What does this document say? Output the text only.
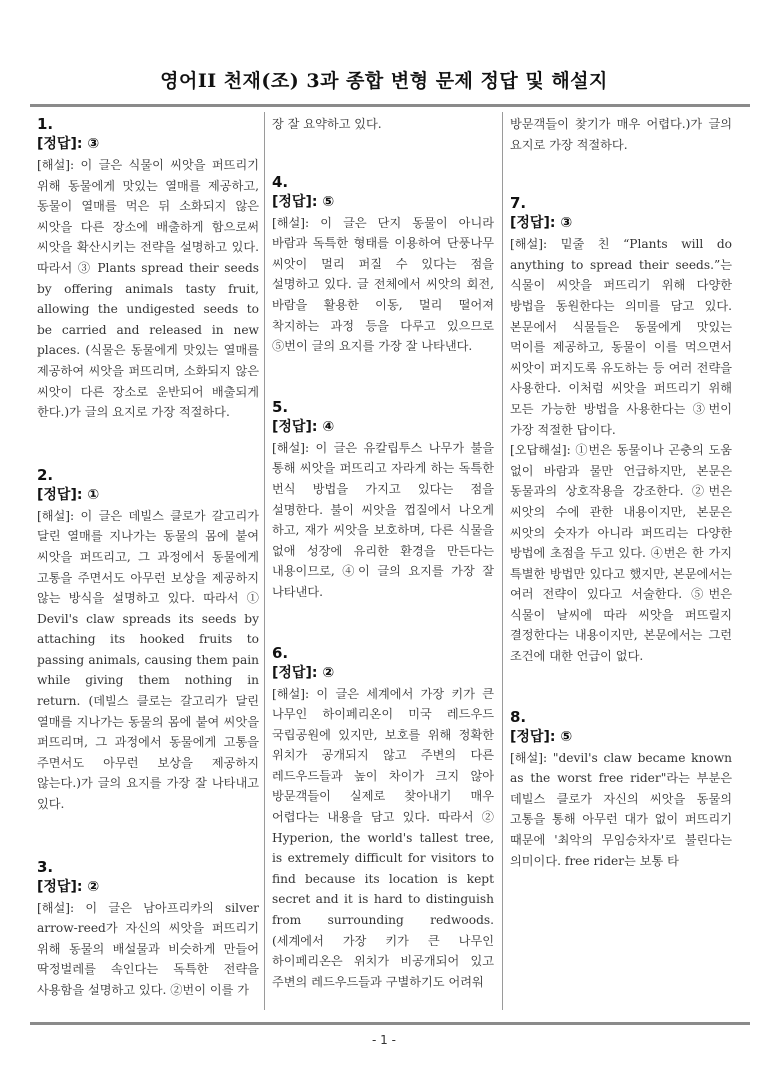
영어II 천재(조) 3과 종합 변형 문제 정답 및 해설지
1.
[정답]: ③

[해설]: 이 글은 식물이 씨앗을 퍼뜨리기 위해 동물에게 맛있는 열매를 제공하고, 동물이 열매를 먹은 뒤 소화되지 않은 씨앗을 다른 장소에 배출하게 함으로써 씨앗을 확산시키는 전략을 설명하고 있다. 따라서 ③ Plants spread their seeds by offering animals tasty fruit, allowing the undigested seeds to be carried and released in new places. (식물은 동물에게 맛있는 열매를 제공하여 씨앗을 퍼뜨리며, 소화되지 않은 씨앗이 다른 장소로 운반되어 배출되게 한다.)가 글의 요지로 가장 적절하다.

2.
[정답]: ①

[해설]: 이 글은 데빌스 클로가 갈고리가 달린 열매를 지나가는 동물의 몸에 붙여 씨앗을 퍼뜨리고, 그 과정에서 동물에게 고통을 주면서도 아무런 보상을 제공하지 않는 방식을 설명하고 있다. 따라서 ① Devil's claw spreads its seeds by attaching its hooked fruits to passing animals, causing them pain while giving them nothing in return. (데빌스 클로는 갈고리가 달린 열매를 지나가는 동물의 몸에 붙여 씨앗을 퍼뜨리며, 그 과정에서 동물에게 고통을 주면서도 아무런 보상을 제공하지 않는다.)가 글의 요지를 가장 잘 나타내고 있다.

3.
[정답]: ②

[해설]: 이 글은 남아프리카의 silver arrow-reed가 자신의 씨앗을 퍼뜨리기 위해 동물의 배설물과 비슷하게 만들어 딱정벌레를 속인다는 독특한 전략을 사용함을 설명하고 있다. ②번이 이를 가

장 잘 요약하고 있다.

4.
[정답]: ⑤

[해설]: 이 글은 단지 동물이 아니라 바람과 독특한 형태를 이용하여 단풍나무 씨앗이 멀리 퍼질 수 있다는 점을 설명하고 있다. 글 전체에서 씨앗의 회전, 바람을 활용한 이동, 멀리 떨어져 착지하는 과정 등을 다루고 있으므로 ⑤번이 글의 요지를 가장 잘 나타낸다.

5.
[정답]: ④

[해설]: 이 글은 유칼립투스 나무가 불을 통해 씨앗을 퍼뜨리고 자라게 하는 독특한 번식 방법을 가지고 있다는 점을 설명한다. 불이 씨앗을 껍질에서 나오게 하고, 재가 씨앗을 보호하며, 다른 식물을 없애 성장에 유리한 환경을 만든다는 내용이므로, ④이 글의 요지를 가장 잘 나타낸다.

6.
[정답]: ②

[해설]: 이 글은 세계에서 가장 키가 큰 나무인 하이페리온이 미국 레드우드 국립공원에 있지만, 보호를 위해 정확한 위치가 공개되지 않고 주변의 다른 레드우드들과 높이 차이가 크지 않아 방문객들이 실제로 찾아내기 매우 어렵다는 내용을 담고 있다. 따라서 ② Hyperion, the world's tallest tree, is extremely difficult for visitors to find because its location is kept secret and it is hard to distinguish from surrounding redwoods. (세계에서 가장 키가 큰 나무인 하이페리온은 위치가 비공개되어 있고 주변의 레드우드들과 구별하기도 어려워

방문객들이 찾기가 매우 어렵다.)가 글의 요지로 가장 적절하다.

7.
[정답]: ③

[해설]: 밑줄 친 “Plants will do anything to spread their seeds.”는 식물이 씨앗을 퍼뜨리기 위해 다양한 방법을 동원한다는 의미를 담고 있다. 본문에서 식물들은 동물에게 맛있는 먹이를 제공하고, 동물이 이를 먹으면서 씨앗이 퍼지도록 유도하는 등 여러 전략을 사용한다. 이처럼 씨앗을 퍼뜨리기 위해 모든 가능한 방법을 사용한다는 ③번이 가장 적절한 답이다.

[오답해설]: ①번은 동물이나 곤충의 도움 없이 바람과 물만 언급하지만, 본문은 동물과의 상호작용을 강조한다. ②번은 씨앗의 수에 관한 내용이지만, 본문은 씨앗의 숫자가 아니라 퍼뜨리는 다양한 방법에 초점을 두고 있다. ④번은 한 가지 특별한 방법만 있다고 했지만, 본문에서는 여러 전략이 있다고 서술한다. ⑤번은 식물이 날씨에 따라 씨앗을 퍼뜨릴지 결정한다는 내용이지만, 본문에서는 그런 조건에 대한 언급이 없다.

8.
[정답]: ⑤

[해설]: "devil's claw became known as the worst free rider"라는 부분은 데빌스 클로가 자신의 씨앗을 동물의 고통을 통해 아무런 대가 없이 퍼뜨리기 때문에 '최악의 무임승차자'로 불린다는 의미이다. free rider는 보통 타

- 1 -
